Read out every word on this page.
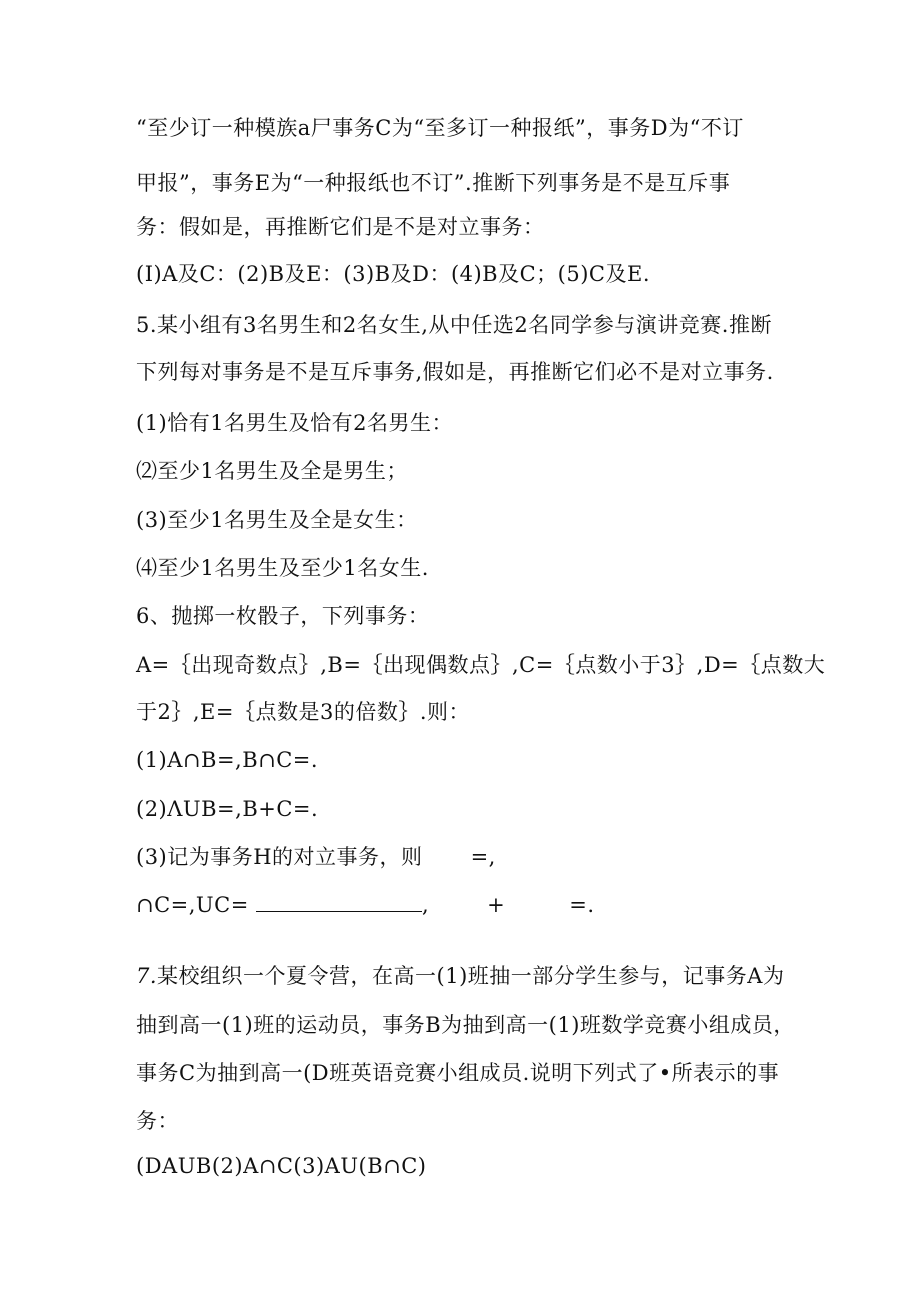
“至少订一种模族a尸事务C为“至多订一种报纸”，事务D为“不订
甲报”，事务E为“一种报纸也不订”.推断下列事务是不是互斥事
务：假如是，再推断它们是不是对立事务：
(I)A及C：(2)B及E：(3)B及D：(4)B及C；(5)C及E.
5.某小组有3名男生和2名女生,从中任选2名同学参与演讲竞赛.推断
下列每对事务是不是互斥事务,假如是，再推断它们必不是对立事务.
(1)恰有1名男生及恰有2名男生：
⑵至少1名男生及全是男生；
(3)至少1名男生及全是女生：
⑷至少1名男生及至少1名女生.
6、抛掷一枚骰子，下列事务：
A=｛出现奇数点｝,B=｛出现偶数点｝,C=｛点数小于3｝,D=｛点数大
于2｝,E=｛点数是3的倍数｝.则：
(1)A∩B=,B∩C=.
(2)ΛUB=,B+C=.
(3)记为事务H的对立事务，则 =,
∩C=,UC=	,	+	=.
7.某校组织一个夏令营，在高一(1)班抽一部分学生参与，记事务A为
抽到高一(1)班的运动员，事务B为抽到高一(1)班数学竞赛小组成员，
事务C为抽到高一(D班英语竞赛小组成员.说明下列式了•所表示的事
务：
(DAUB(2)A∩C(3)AU(B∩C)
